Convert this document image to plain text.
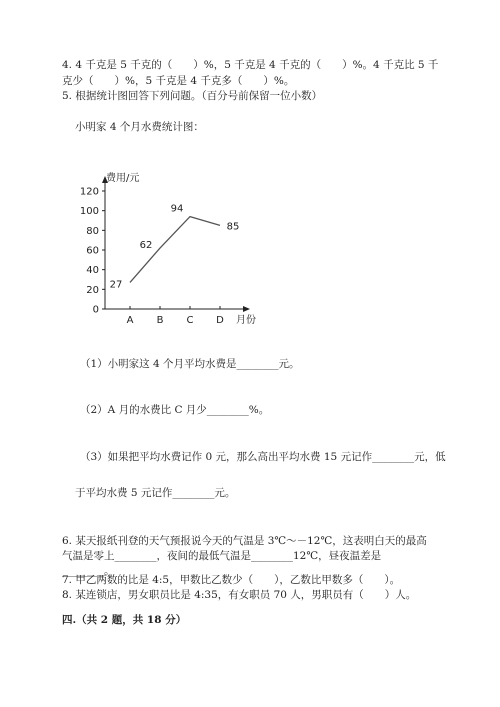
4. 4 千克是 5 千克的（　　）%，5 千克是 4 千克的（　　）%。4 千克比 5 千
克少（　　）%，5 千克是 4 千克多（　　）%。
5. 根据统计图回答下列问题。（百分号前保留一位小数）
小明家 4 个月水费统计图：
0
20
40
60
80
100
120
A B C D
27
62
94
85
费用/元
月份
（1）小明家这 4 个月平均水费是________元。
（2）A 月的水费比 C 月少________%。
（3）如果把平均水费记作 0 元，那么高出平均水费 15 元记作________元，低
于平均水费 5 元记作________元。
6. 某天报纸刊登的天气预报说今天的气温是 3℃～－12℃，这表明白天的最高
气温是零上________，夜间的最低气温是________12℃，昼夜温差是
________。
7. 甲乙两数的比是 4:5，甲数比乙数少（　　），乙数比甲数多（　　）。
8. 某连锁店，男女职员比是 4:35，有女职员 70 人，男职员有（　　）人。
四.（共 2 题，共 18 分）
